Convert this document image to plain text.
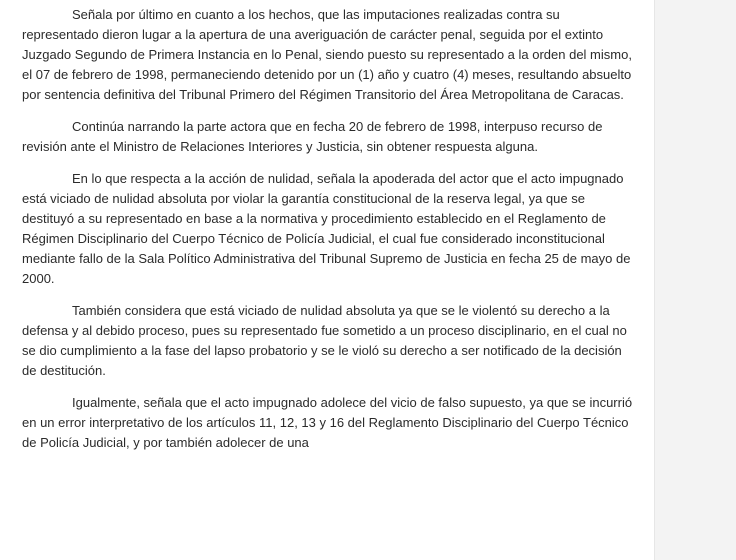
Señala por último en cuanto a los hechos, que las imputaciones realizadas contra su representado dieron lugar a la apertura de una averiguación de carácter penal, seguida por el extinto Juzgado Segundo de Primera Instancia en lo Penal, siendo puesto su representado a la orden del mismo, el 07 de febrero de 1998, permaneciendo detenido por un (1) año y cuatro (4) meses, resultando absuelto por sentencia definitiva del Tribunal Primero del Régimen Transitorio del Área Metropolitana de Caracas.

Continúa narrando la parte actora que en fecha 20 de febrero de 1998, interpuso recurso de revisión ante el Ministro de Relaciones Interiores y Justicia, sin obtener respuesta alguna.

En lo que respecta a la acción de nulidad, señala la apoderada del actor que el acto impugnado está viciado de nulidad absoluta por violar la garantía constitucional de la reserva legal, ya que se destituyó a su representado en base a la normativa y procedimiento establecido en el Reglamento de Régimen Disciplinario del Cuerpo Técnico de Policía Judicial, el cual fue considerado inconstitucional mediante fallo de la Sala Político Administrativa del Tribunal Supremo de Justicia en fecha 25 de mayo de 2000.

También considera que está viciado de nulidad absoluta ya que se le violentó su derecho a la defensa y al debido proceso, pues su representado fue sometido a un proceso disciplinario, en el cual no se dio cumplimiento a la fase del lapso probatorio y se le violó su derecho a ser notificado de la decisión de destitución.

Igualmente, señala que el acto impugnado adolece del vicio de falso supuesto, ya que se incurrió en un error interpretativo de los artículos 11, 12, 13 y 16 del Reglamento Disciplinario del Cuerpo Técnico de Policía Judicial, y por también adolecer de una
